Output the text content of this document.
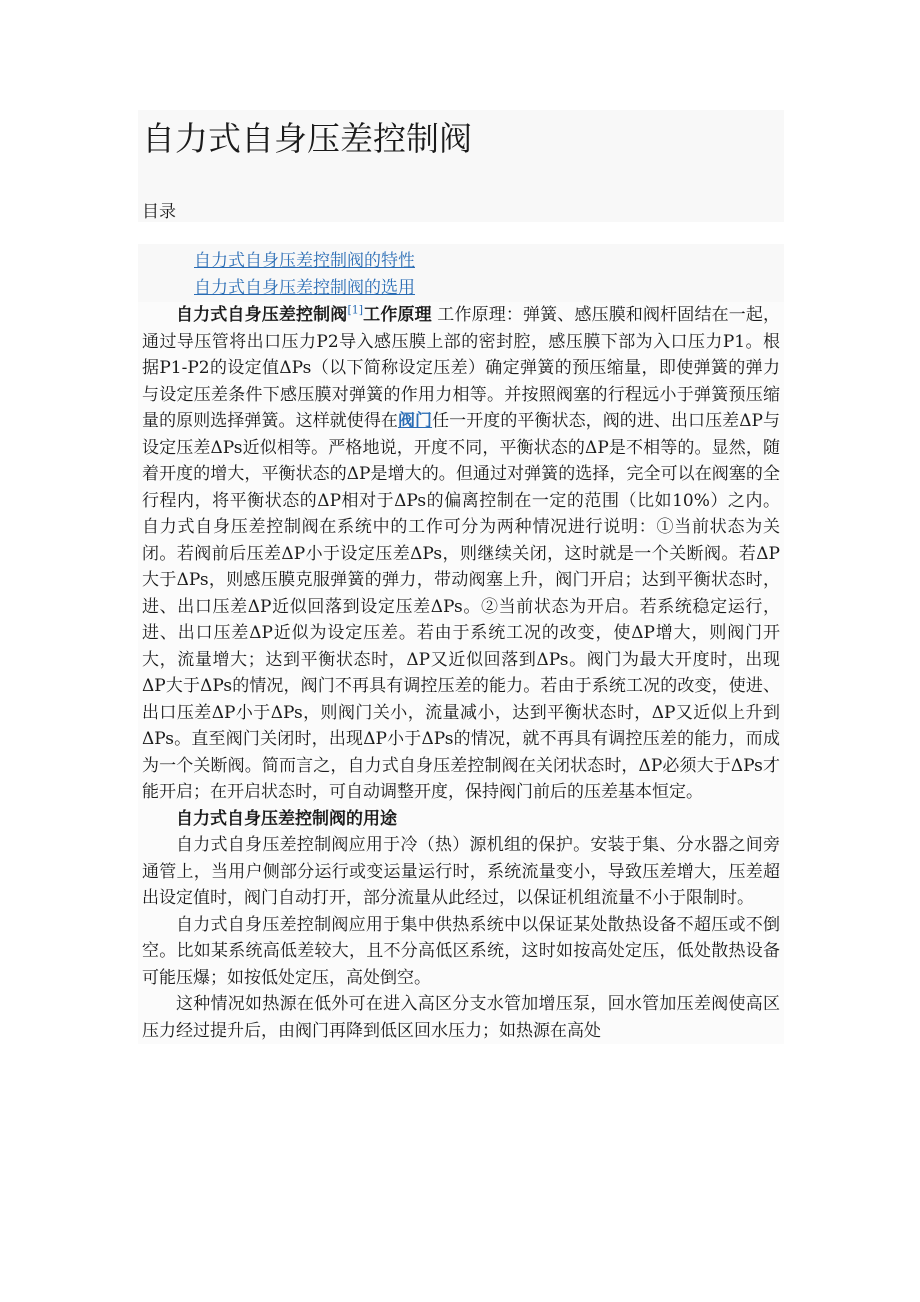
自力式自身压差控制阀
目录
自力式自身压差控制阀的特性
自力式自身压差控制阀的选用

自力式自身压差控制阀[1]工作原理 工作原理：弹簧、感压膜和阀杆固结在一起，通过导压管将出口压力P2导入感压膜上部的密封腔，感压膜下部为入口压力P1。根据P1-P2的设定值ΔPs（以下简称设定压差）确定弹簧的预压缩量，即使弹簧的弹力与设定压差条件下感压膜对弹簧的作用力相等。并按照阀塞的行程远小于弹簧预压缩量的原则选择弹簧。这样就使得在阀门任一开度的平衡状态，阀的进、出口压差ΔP与设定压差ΔPs近似相等。严格地说，开度不同，平衡状态的ΔP是不相等的。显然，随着开度的增大，平衡状态的ΔP是增大的。但通过对弹簧的选择，完全可以在阀塞的全行程内，将平衡状态的ΔP相对于ΔPs的偏离控制在一定的范围（比如10%）之内。 自力式自身压差控制阀在系统中的工作可分为两种情况进行说明：①当前状态为关闭。若阀前后压差ΔP小于设定压差ΔPs，则继续关闭，这时就是一个关断阀。若ΔP大于ΔPs，则感压膜克服弹簧的弹力，带动阀塞上升，阀门开启；达到平衡状态时，进、出口压差ΔP近似回落到设定压差ΔPs。②当前状态为开启。若系统稳定运行，进、出口压差ΔP近似为设定压差。若由于系统工况的改变，使ΔP增大，则阀门开大，流量增大；达到平衡状态时，ΔP又近似回落到ΔPs。阀门为最大开度时，出现ΔP大于ΔPs的情况，阀门不再具有调控压差的能力。若由于系统工况的改变，使进、出口压差ΔP小于ΔPs，则阀门关小，流量减小，达到平衡状态时，ΔP又近似上升到ΔPs。直至阀门关闭时，出现ΔP小于ΔPs的情况，就不再具有调控压差的能力，而成为一个关断阀。简而言之，自力式自身压差控制阀在关闭状态时，ΔP必须大于ΔPs才能开启；在开启状态时，可自动调整开度，保持阀门前后的压差基本恒定。

自力式自身压差控制阀的用途

自力式自身压差控制阀应用于冷（热）源机组的保护。安装于集、分水器之间旁通管上，当用户侧部分运行或变运量运行时，系统流量变小，导致压差增大，压差超出设定值时，阀门自动打开，部分流量从此经过，以保证机组流量不小于限制时。

自力式自身压差控制阀应用于集中供热系统中以保证某处散热设备不超压或不倒空。比如某系统高低差较大，且不分高低区系统，这时如按高处定压，低处散热设备可能压爆；如按低处定压，高处倒空。

这种情况如热源在低外可在进入高区分支水管加增压泵，回水管加压差阀使高区压力经过提升后，由阀门再降到低区回水压力；如热源在高处
